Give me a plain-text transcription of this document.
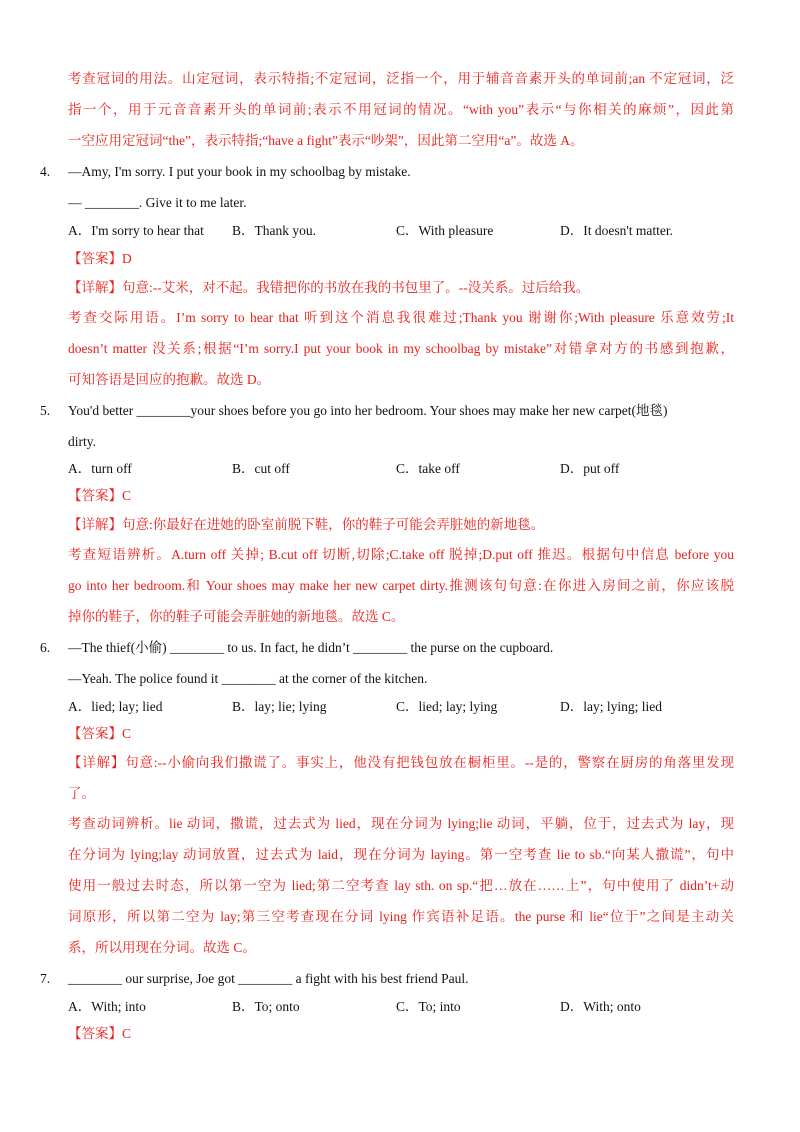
考查冠词的用法。山定冠词，表示特指;不定冠词，泛指一个，用于辅音音素开头的单词前;an 不定冠词，泛

指一个，用于元音音素开头的单词前;表示不用冠词的情况。“with you”表示“与你相关的麻烦”，因此第

一空应用定冠词“the”，表示特指;“have a fight”表示“吵架”，因此第二空用“a”。故选 A。

4. —Amy, I'm sorry. I put your book in my schoolbag by mistake.

— ________. Give it to me later.

A．I'm sorry to hear that B．Thank you.	C．With pleasure	D．It doesn't matter.

【答案】D

【详解】句意:--艾米，对不起。我错把你的书放在我的书包里了。--没关系。过后给我。

考查交际用语。I’m sorry to hear that 听到这个消息我很难过;Thank you 谢谢你;With pleasure 乐意效劳;It

doesn’t matter 没关系;根据“I’m sorry.I put your book in my schoolbag by mistake”对错拿对方的书感到抱歉，

可知答语是回应的抱歉。故选 D。

5. You'd better ________your shoes before you go into her bedroom. Your shoes may make her new carpet(地毯)

dirty.

A．turn off	B．cut off	C．take off	D．put off

【答案】C

【详解】句意:你最好在进她的卧室前脱下鞋，你的鞋子可能会弄脏她的新地毯。

考查短语辨析。A.turn off 关掉; B.cut off 切断,切除;C.take off 脱掉;D.put off 推迟。根据句中信息 before you

go into her bedroom.和 Your shoes may make her new carpet dirty.推测该句句意:在你进入房间之前，你应该脱

掉你的鞋子，你的鞋子可能会弄脏她的新地毯。故选 C。

6. —The thief(小偷) ________ to us. In fact, he didn’t ________ the purse on the cupboard.

—Yeah. The police found it ________ at the corner of the kitchen.

A．lied; lay; lied	B．lay; lie; lying	C．lied; lay; lying	D．lay; lying; lied

【答案】C

【详解】句意:--小偷向我们撒谎了。事实上，他没有把钱包放在橱柜里。--是的，警察在厨房的角落里发现

了。

考查动词辨析。lie 动词，撒谎，过去式为 lied，现在分词为 lying;lie 动词，平躺，位于，过去式为 lay，现

在分词为 lying;lay 动词放置，过去式为 laid，现在分词为 laying。第一空考查 lie to sb.“向某人撒谎”，句中

使用一般过去时态，所以第一空为 lied;第二空考查 lay sth. on sp.“把…放在……上”，句中使用了 didn’t+动

词原形，所以第二空为 lay;第三空考查现在分词 lying 作宾语补足语。the purse 和 lie“位于”之间是主动关

系，所以用现在分词。故选 C。

7. ________ our surprise, Joe got ________ a fight with his best friend Paul.

A．With; into	B．To; onto	C．To; into	D．With; onto

【答案】C
